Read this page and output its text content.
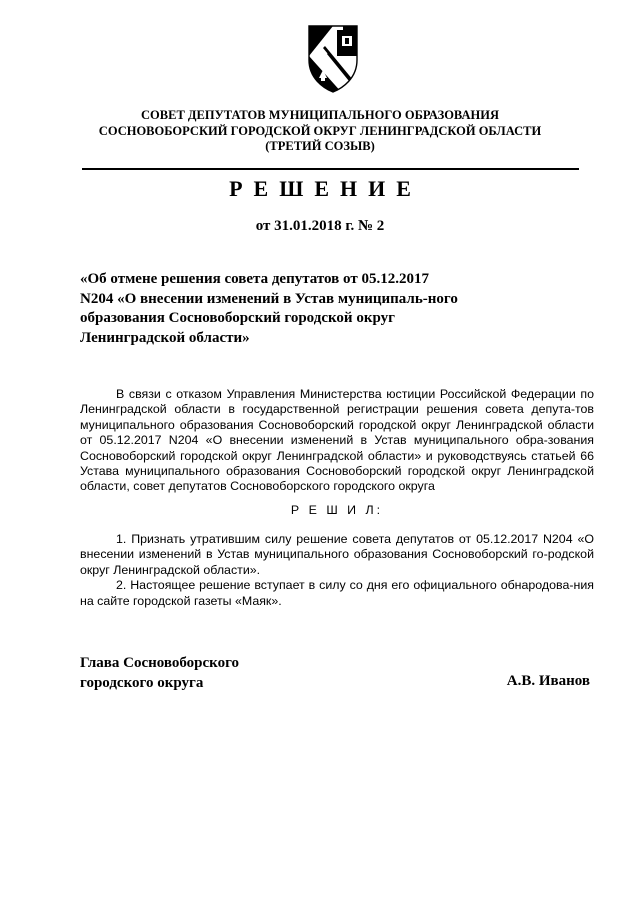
СОВЕТ ДЕПУТАТОВ МУНИЦИПАЛЬНОГО ОБРАЗОВАНИЯ
СОСНОВОБОРСКИЙ ГОРОДСКОЙ ОКРУГ ЛЕНИНГРАДСКОЙ ОБЛАСТИ
(ТРЕТИЙ СОЗЫВ)
РЕШЕНИЕ
от 31.01.2018 г. № 2
«Об отмене решения совета депутатов от 05.12.2017 N204 «О внесении изменений в Устав муниципаль-ного образования Сосновоборский городской округ Ленинградской области»

В связи с отказом Управления Министерства юстиции Российской Федерации по Ленинградской области в государственной регистрации решения совета депута-тов муниципального образования Сосновоборский городской округ Ленинградской области от 05.12.2017 N204 «О внесении изменений в Устав муниципального обра-зования Сосновоборский городской округ Ленинградской области» и руководствуясь статьей 66 Устава муниципального образования Сосновоборский городской округ Ленинградской области, совет депутатов Сосновоборского городского округа

Р Е Ш И Л:

1. Признать утратившим силу решение совета депутатов от 05.12.2017 N204 «О внесении изменений в Устав муниципального образования Сосновоборский го-родской округ Ленинградской области».

2. Настоящее решение вступает в силу со дня его официального обнародова-ния на сайте городской газеты «Маяк».

Глава Сосновоборского
городского округа	А.В. Иванов
